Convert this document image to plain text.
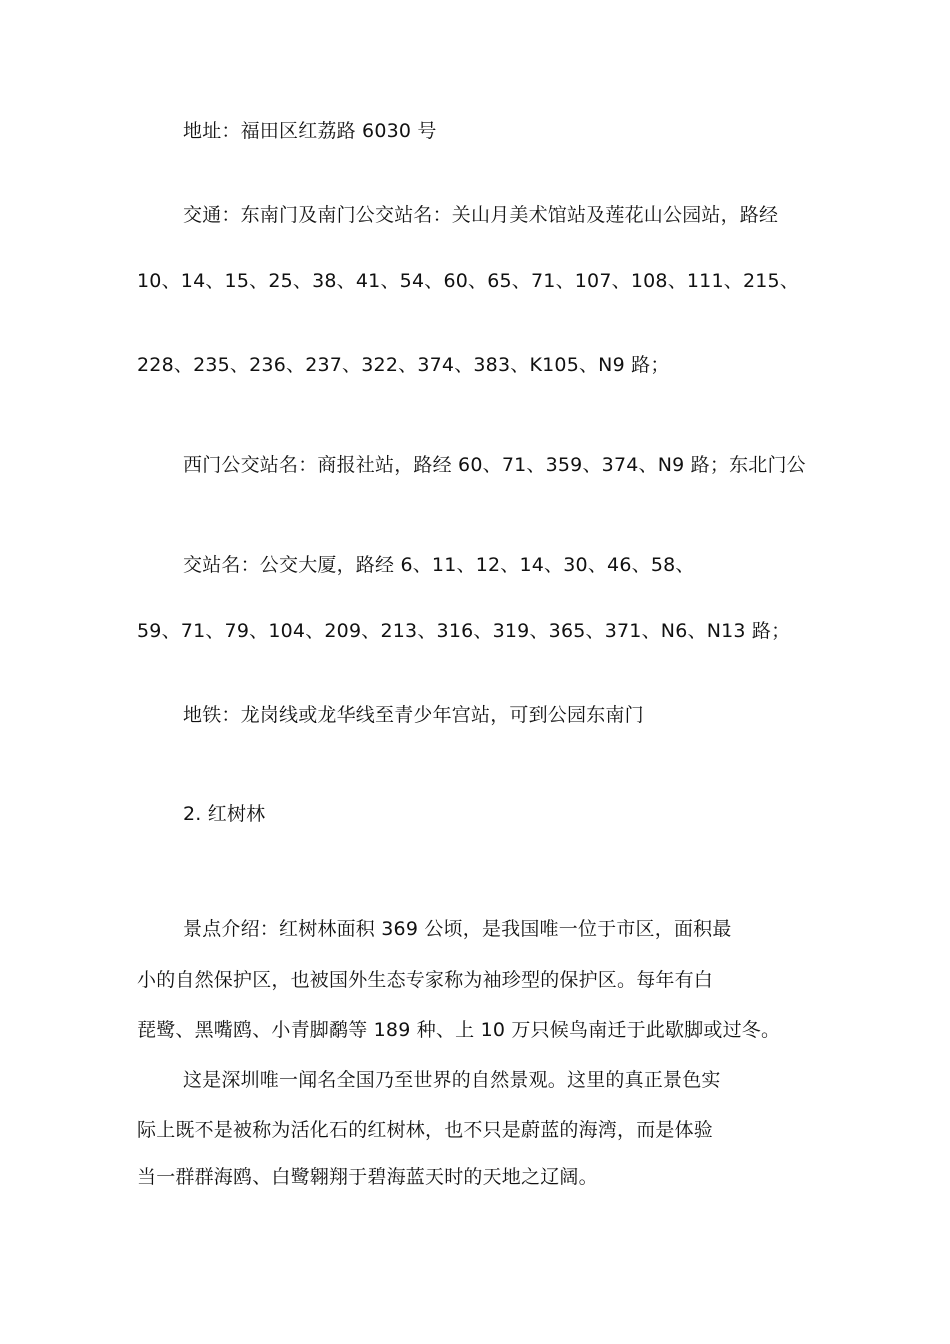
地址：福田区红荔路 6030 号
交通：东南门及南门公交站名：关山月美术馆站及莲花山公园站，路经
10、14、15、25、38、41、54、60、65、71、107、108、111、215、
228、235、236、237、322、374、383、K105、N9 路；
西门公交站名：商报社站，路经 60、71、359、374、N9 路；东北门公
交站名：公交大厦，路经 6、11、12、14、30、46、58、
59、71、79、104、209、213、316、319、365、371、N6、N13 路；
地铁：龙岗线或龙华线至青少年宫站，可到公园东南门
2. 红树林
景点介绍：红树林面积 369 公顷，是我国唯一位于市区，面积最
小的自然保护区，也被国外生态专家称为袖珍型的保护区。每年有白
琵鹭、黑嘴鸥、小青脚鹬等 189 种、上 10 万只候鸟南迁于此歇脚或过冬。
这是深圳唯一闻名全国乃至世界的自然景观。这里的真正景色实
际上既不是被称为活化石的红树林，也不只是蔚蓝的海湾，而是体验
当一群群海鸥、白鹭翱翔于碧海蓝天时的天地之辽阔。
